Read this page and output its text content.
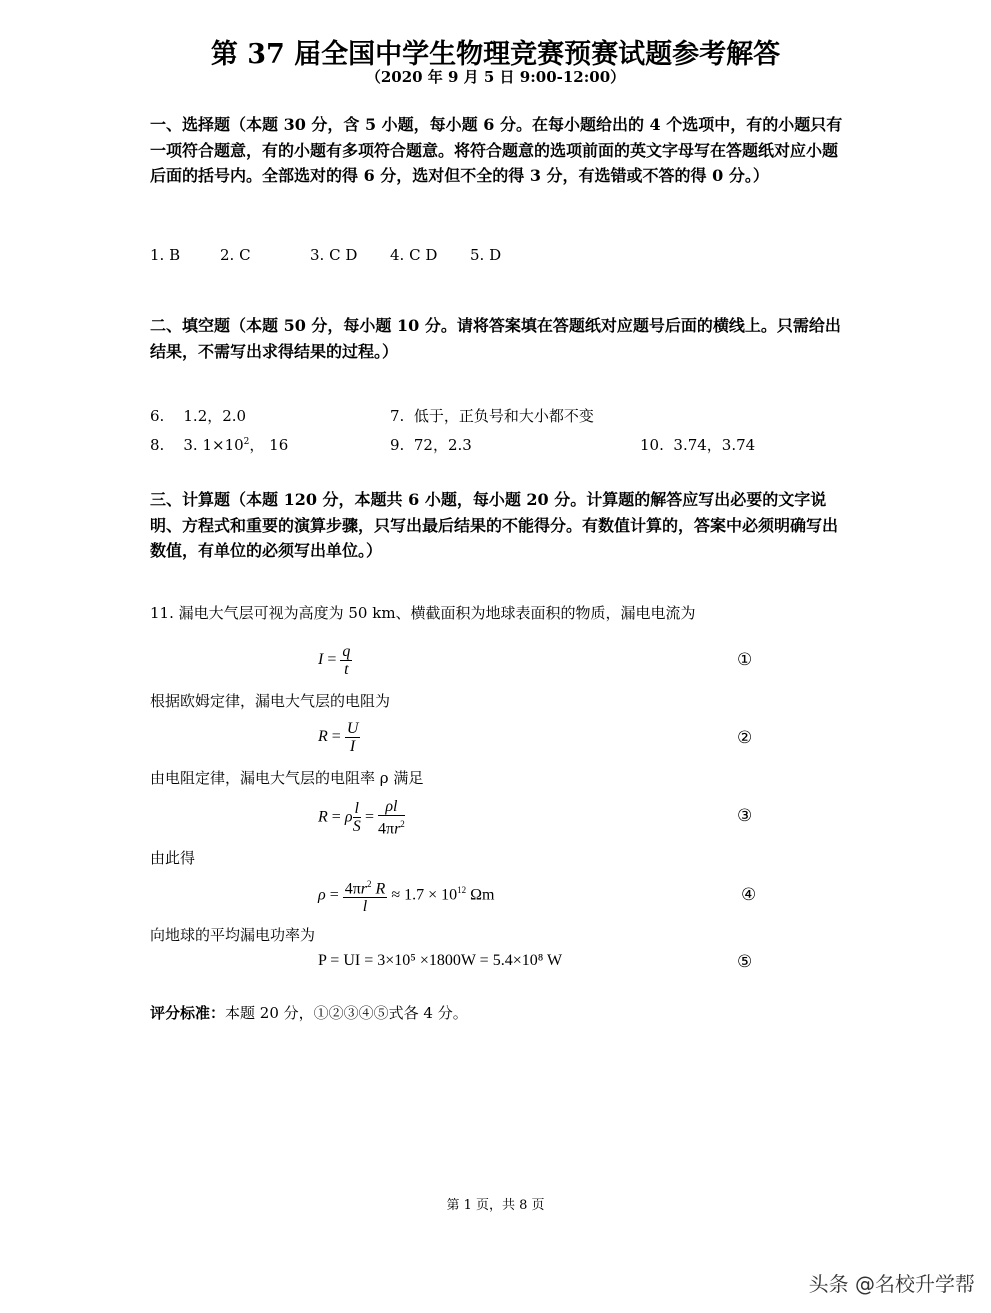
第 37 届全国中学生物理竞赛预赛试题参考解答
（2020 年 9 月 5 日 9:00-12:00）
一、选择题（本题 30 分，含 5 小题，每小题 6 分。在每小题给出的 4 个选项中，有的小题只有一项符合题意，有的小题有多项符合题意。将符合题意的选项前面的英文字母写在答题纸对应小题后面的括号内。全部选对的得 6 分，选对但不全的得 3 分，有选错或不答的得 0 分。）
1. B	2. C	3. C D 4. C D 5. D
二、填空题（本题 50 分，每小题 10 分。请将答案填在答题纸对应题号后面的横线上。只需给出结果，不需写出求得结果的过程。）
6. 1.2，2.0	7. 低于，正负号和大小都不变
8. 3. $1\times 10^2$， 16	9. 72，2.3	10. 3.74，3.74
三、计算题（本题 120 分，本题共 6 小题，每小题 20 分。计算题的解答应写出必要的文字说明、方程式和重要的演算步骤，只写出最后结果的不能得分。有数值计算的，答案中必须明确写出数值，有单位的必须写出单位。）
11. 漏电大气层可视为高度为 50 km、横截面积为地球表面积的物质，漏电电流为
$I = \frac{q}{t}$	①
根据欧姆定律，漏电大气层的电阻为
$R = \frac{U}{I}$	②
由电阻定律，漏电大气层的电阻率 ρ 满足
R = ρ $\frac{l}{S} = \frac{\rho l}{4\pi r^2}$	③
由此得
$\rho = \frac{4\pi r^2 R}{l} \approx 1.7 \times 10^{12}$ Ωm	④
向地球的平均漏电功率为
P = UI = 3×10⁵ ×1800W = 5.4×10⁸ W	⑤
评分标准：本题 20 分，①②③④⑤式各 4 分。
第 1 页，共 8 页
头条 @名校升学帮
